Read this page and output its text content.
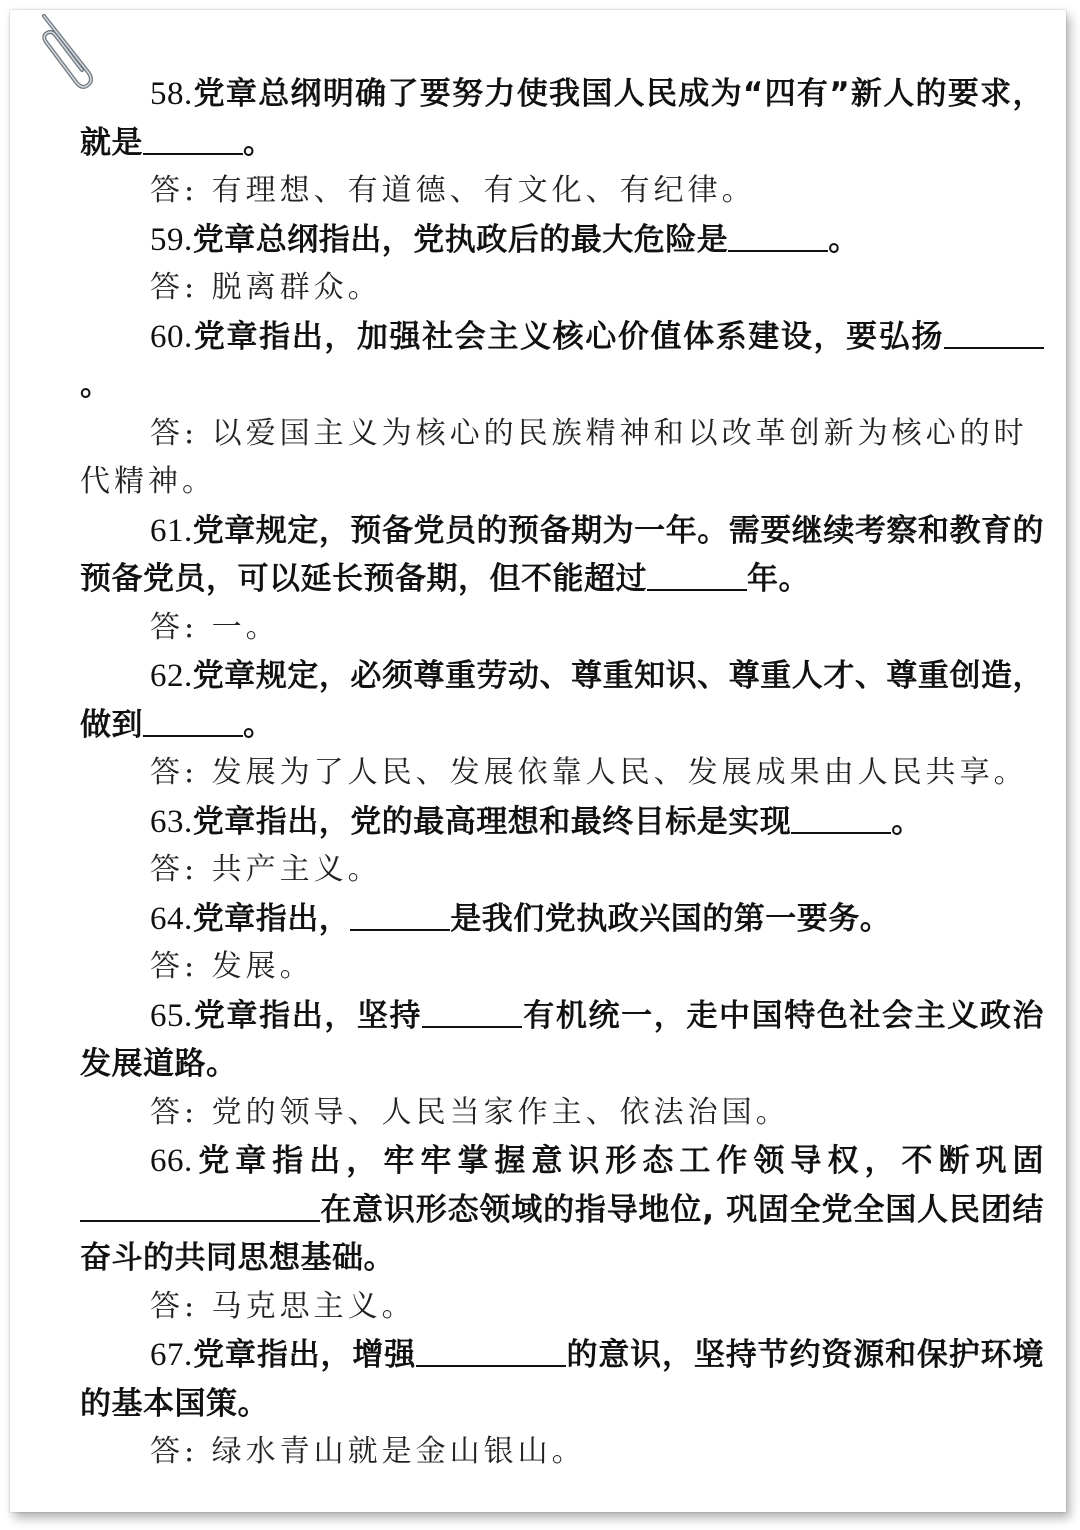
58.党章总纲明确了要努力使我国人民成为“四有”新人的要求，就是	。
答: 有理想、有道德、有文化、有纪律。
59.党章总纲指出，党执政后的最大危险是	。
答: 脱离群众。
60.党章指出，加强社会主义核心价值体系建设，要弘扬。
答: 以爱国主义为核心的民族精神和以改革创新为核心的时代精神。
61.党章规定，预备党员的预备期为一年。需要继续考察和教育的预备党员，可以延长预备期，但不能超过	年。
答: 一。
62.党章规定，必须尊重劳动、尊重知识、尊重人才、尊重创造，做到	。
答: 发展为了人民、发展依靠人民、发展成果由人民共享。
63.党章指出，党的最高理想和最终目标是实现	。
答: 共产主义。
64.党章指出，	是我们党执政兴国的第一要务。
答: 发展。
65.党章指出，坚持	有机统一，走中国特色社会主义政治发展道路。
答: 党的领导、人民当家作主、依法治国。
66.党章指出，牢牢掌握意识形态工作领导权，不断巩固在意识形态领域的指导地位, 巩固全党全国人民团结奋斗的共同思想基础。
答: 马克思主义。
67.党章指出，增强	的意识，坚持节约资源和保护环境的基本国策。
答: 绿水青山就是金山银山。
